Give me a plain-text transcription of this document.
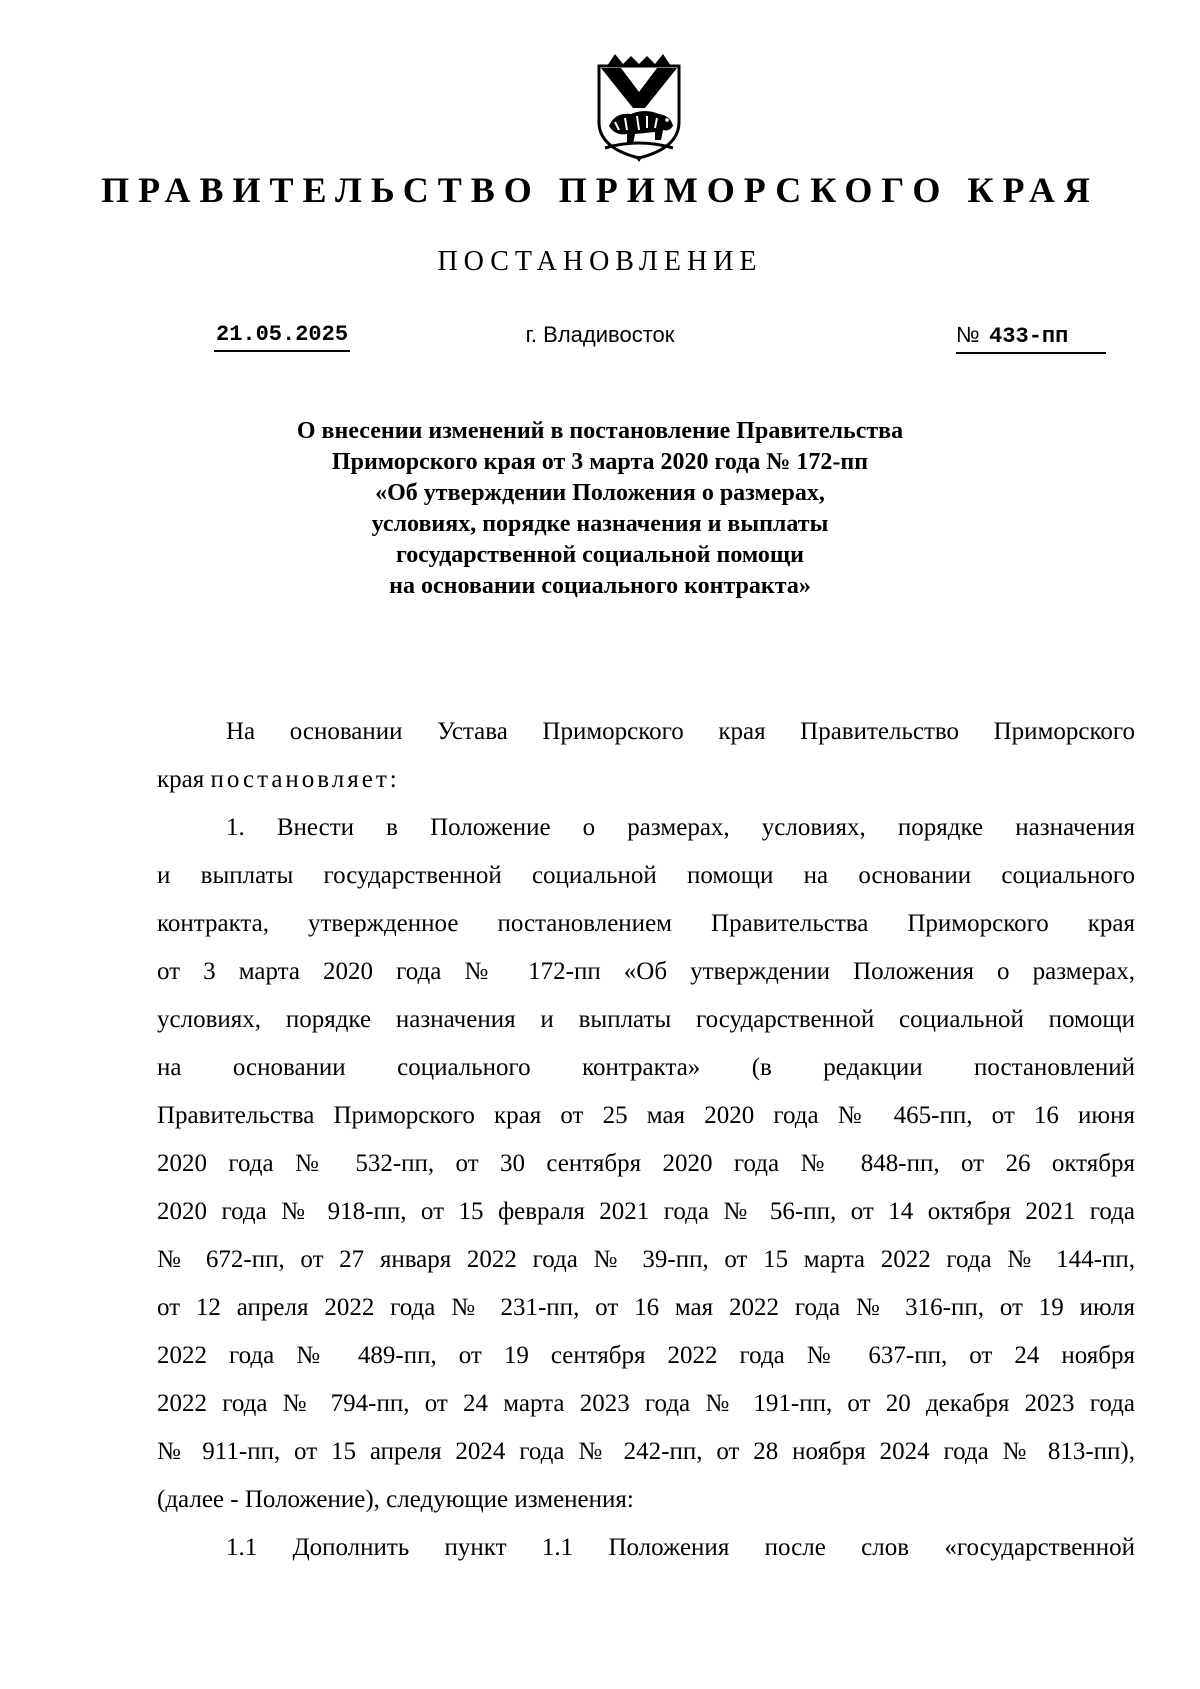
ПРАВИТЕЛЬСТВО ПРИМОРСКОГО КРАЯ
ПОСТАНОВЛЕНИЕ
г. Владивосток
21.05.2025	№ 433-пп
О внесении изменений в постановление Правительства
Приморского края от 3 марта 2020 года № 172-пп
«Об утверждении Положения о размерах,
условиях, порядке назначения и выплаты
государственной социальной помощи
на основании социального контракта»
На основании Устава Приморского края Правительство Приморского
края постановляет:
1. Внести в Положение о размерах, условиях, порядке назначения
и выплаты государственной социальной помощи на основании социального
контракта, утвержденное постановлением Правительства Приморского края
от 3 марта 2020 года № 172-пп «Об утверждении Положения о размерах,
условиях, порядке назначения и выплаты государственной социальной помощи
на основании социального контракта» (в редакции постановлений
Правительства Приморского края от 25 мая 2020 года № 465-пп, от 16 июня
2020 года № 532-пп, от 30 сентября 2020 года № 848-пп, от 26 октября
2020 года № 918-пп, от 15 февраля 2021 года № 56-пп, от 14 октября 2021 года
№ 672-пп, от 27 января 2022 года № 39-пп, от 15 марта 2022 года № 144-пп,
от 12 апреля 2022 года № 231-пп, от 16 мая 2022 года № 316-пп, от 19 июля
2022 года № 489-пп, от 19 сентября 2022 года № 637-пп, от 24 ноября
2022 года № 794-пп, от 24 марта 2023 года № 191-пп, от 20 декабря 2023 года
№ 911-пп, от 15 апреля 2024 года № 242-пп, от 28 ноября 2024 года № 813-пп),
(далее - Положение), следующие изменения:
1.1 Дополнить пункт 1.1 Положения после слов «государственной
